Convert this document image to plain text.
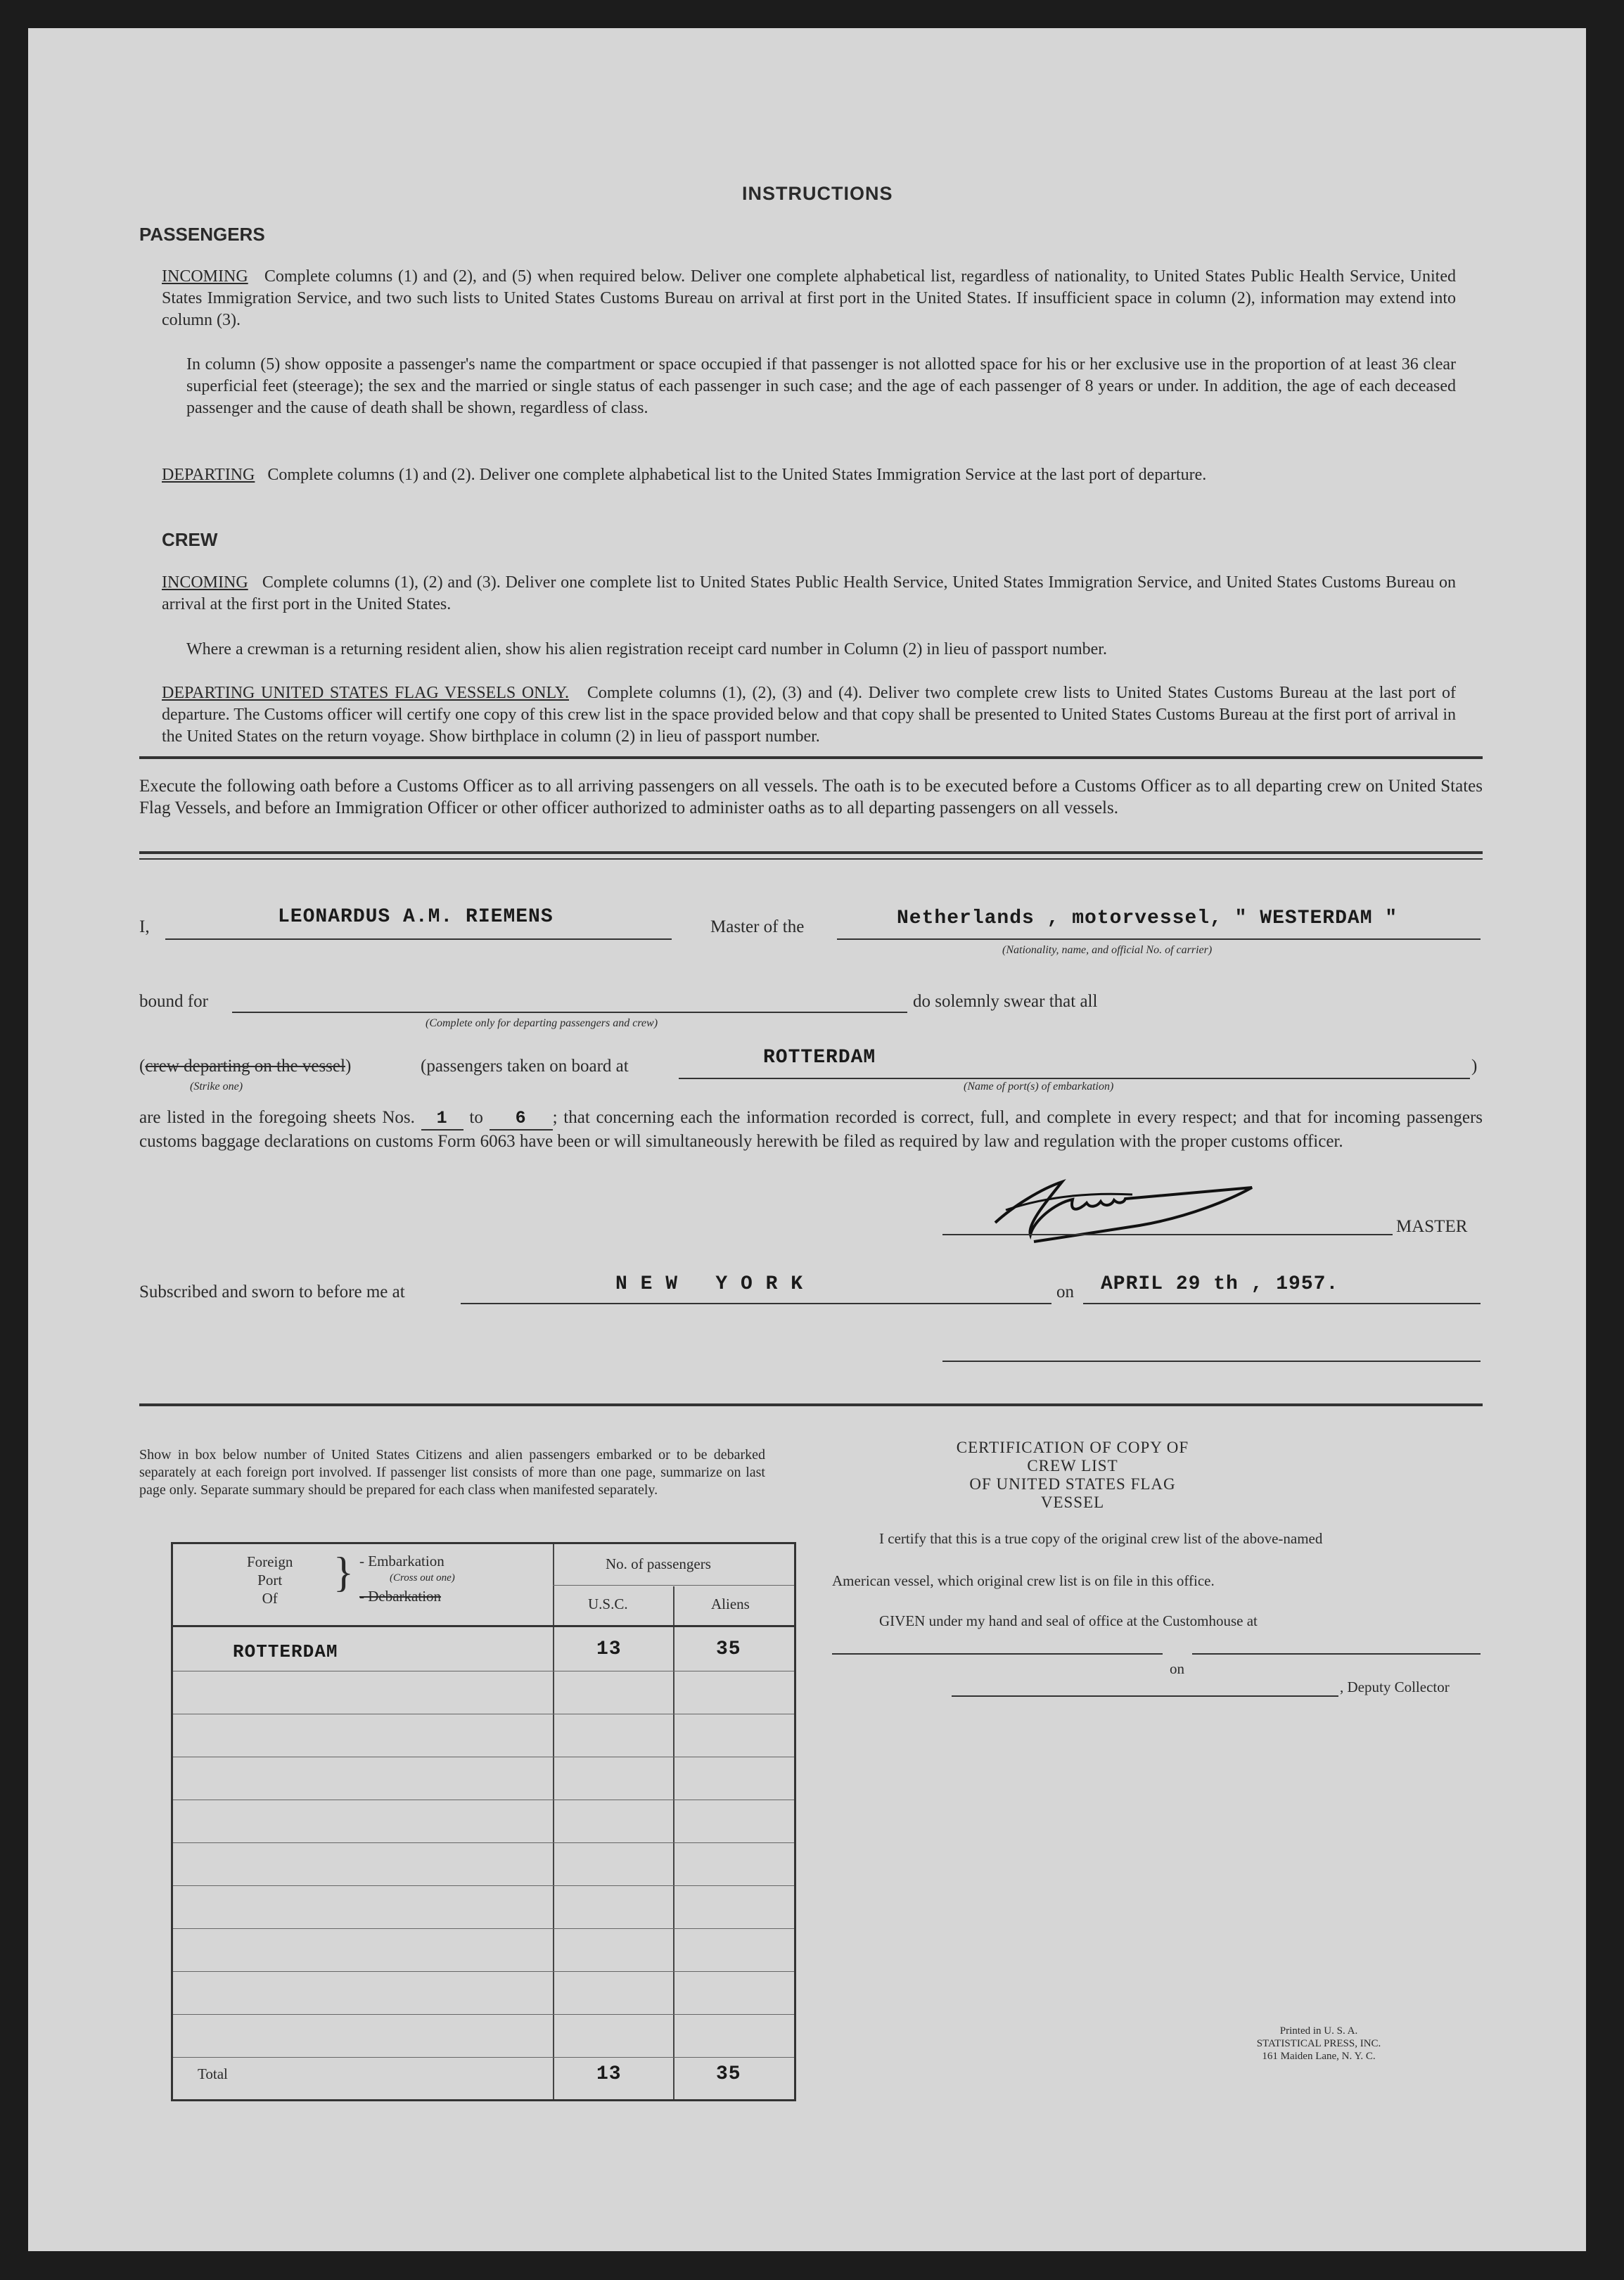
INSTRUCTIONS
PASSENGERS
INCOMING Complete columns (1) and (2), and (5) when required below. Deliver one complete alphabetical list, regardless of nationality, to United States Public Health Service, United States Immigration Service, and two such lists to United States Customs Bureau on arrival at first port in the United States. If insufficient space in column (2), information may extend into column (3).
In column (5) show opposite a passenger's name the compartment or space occupied if that passenger is not allotted space for his or her exclusive use in the proportion of at least 36 clear superficial feet (steerage); the sex and the married or single status of each passenger in such case; and the age of each passenger of 8 years or under. In addition, the age of each deceased passenger and the cause of death shall be shown, regardless of class.
DEPARTING Complete columns (1) and (2). Deliver one complete alphabetical list to the United States Immigration Service at the last port of departure.
CREW
INCOMING Complete columns (1), (2) and (3). Deliver one complete list to United States Public Health Service, United States Immigration Service, and United States Customs Bureau on arrival at the first port in the United States.
Where a crewman is a returning resident alien, show his alien registration receipt card number in Column (2) in lieu of passport number.
DEPARTING UNITED STATES FLAG VESSELS ONLY. Complete columns (1), (2), (3) and (4). Deliver two complete crew lists to United States Customs Bureau at the last port of departure. The Customs officer will certify one copy of this crew list in the space provided below and that copy shall be presented to United States Customs Bureau at the first port of arrival in the United States on the return voyage. Show birthplace in column (2) in lieu of passport number.
Execute the following oath before a Customs Officer as to all arriving passengers on all vessels. The oath is to be executed before a Customs Officer as to all departing crew on United States Flag Vessels, and before an Immigration Officer or other officer authorized to administer oaths as to all departing passengers on all vessels.
I,	LEONARDUS A.M. RIEMENS	Master of the	Netherlands , motorvessel, " WESTERDAM "
(Nationality, name, and official No. of carrier)
bound for
(Complete only for departing passengers and crew)
do solemnly swear that all
(crew departing on the vessel)	(passengers taken on board at	ROTTERDAM	)
(Strike one)	(Name of port(s) of embarkation)
are listed in the foregoing sheets Nos. 1 to 6 ; that concerning each the information recorded is correct, full, and complete in every respect; and that for incoming passengers customs baggage declarations on customs Form 6063 have been or will simultaneously herewith be filed as required by law and regulation with the proper customs officer.
MASTER
Subscribed and sworn to before me at	N E W   Y O R K	on APRIL 29 th , 1957.
Show in box below number of United States Citizens and alien passengers embarked or to be debarked separately at each foreign port involved. If passenger list consists of more than one page, summarize on last page only. Separate summary should be prepared for each class when manifested separately.
Foreign
Port
Of
} - Embarkation
(Cross out one)
- Debarkation
No. of passengers
U.S.C.	Aliens
ROTTERDAM	13	35
Total	13	35
CERTIFICATION OF COPY OF CREW LIST
OF UNITED STATES FLAG VESSEL
I certify that this is a true copy of the original crew list of the above-named
American vessel, which original crew list is on file in this office.
GIVEN under my hand and seal of office at the Customhouse at
on
, Deputy Collector
Printed in U. S. A.
STATISTICAL PRESS, INC.
161 Maiden Lane, N. Y. C.
